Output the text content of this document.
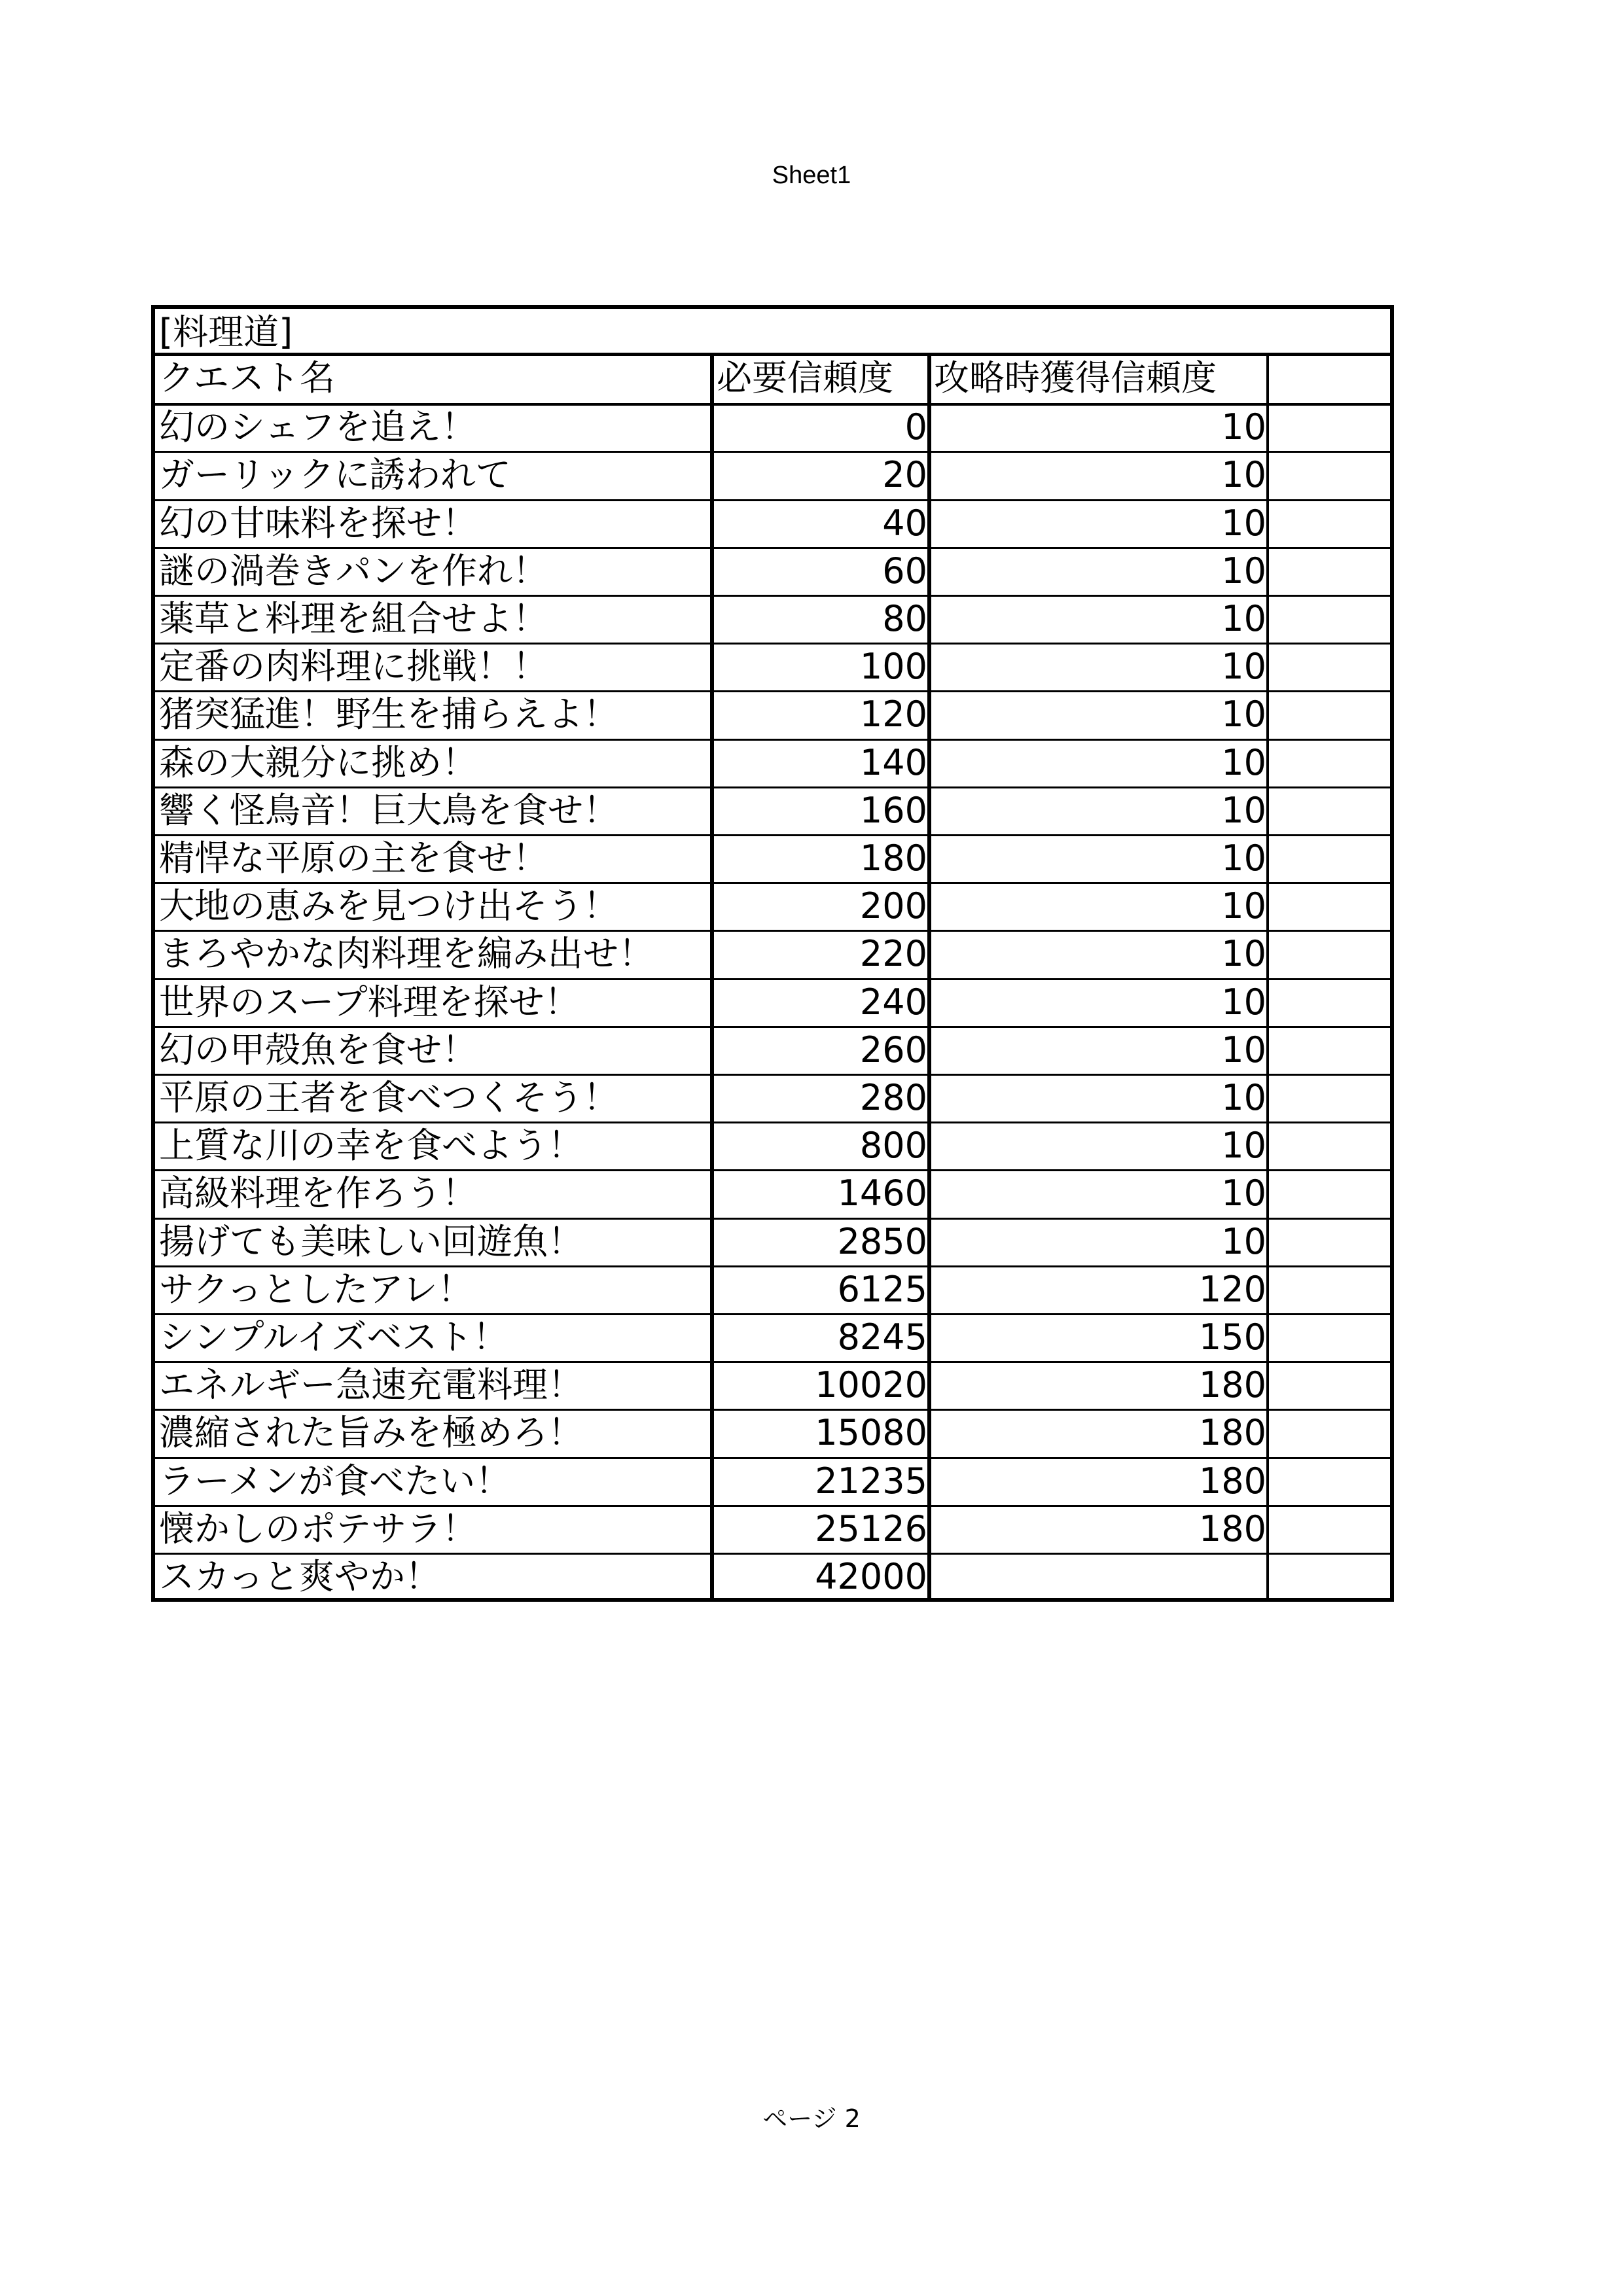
Sheet1
[料理道]
クエスト名	必要信頼度	攻略時獲得信頼度
幻のシェフを追え！	0	10
ガーリックに誘われて	20	10
幻の甘味料を探せ！	40	10
謎の渦巻きパンを作れ！	60	10
薬草と料理を組合せよ！	80	10
定番の肉料理に挑戦！！	100	10
猪突猛進！野生を捕らえよ！	120	10
森の大親分に挑め！	140	10
響く怪鳥音！巨大鳥を食せ！	160	10
精悍な平原の主を食せ！	180	10
大地の恵みを見つけ出そう！	200	10
まろやかな肉料理を編み出せ！	220	10
世界のスープ料理を探せ！	240	10
幻の甲殻魚を食せ！	260	10
平原の王者を食べつくそう！	280	10
上質な川の幸を食べよう！	800	10
高級料理を作ろう！	1460	10
揚げても美味しい回遊魚！	2850	10
サクっとしたアレ！	6125	120
シンプルイズベスト！	8245	150
エネルギー急速充電料理！	10020	180
濃縮された旨みを極めろ！	15080	180
ラーメンが食べたい！	21235	180
懐かしのポテサラ！	25126	180
スカっと爽やか！	42000
ページ 2
